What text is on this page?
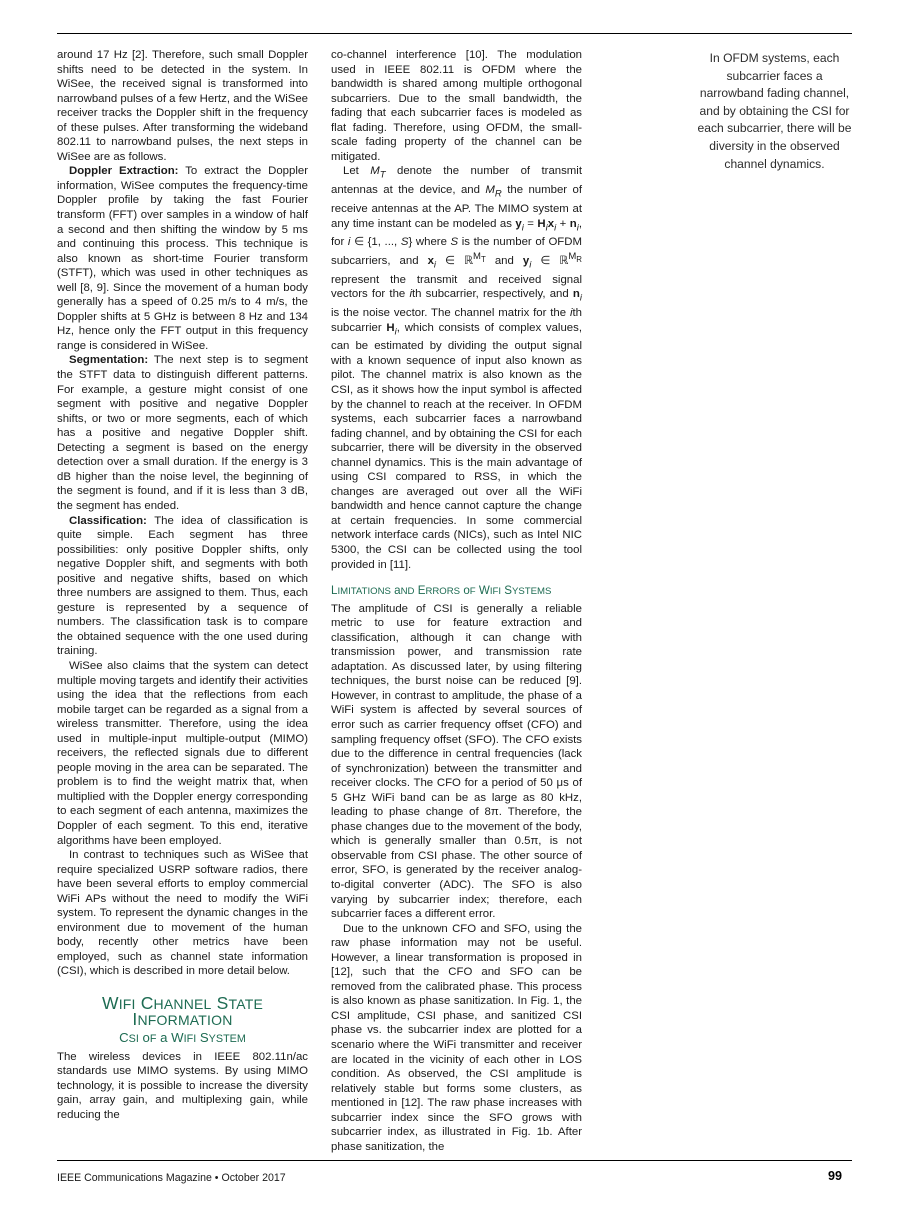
around 17 Hz [2]. Therefore, such small Doppler shifts need to be detected in the system. In WiSee, the received signal is transformed into narrowband pulses of a few Hertz, and the WiSee receiver tracks the Doppler shift in the frequency of these pulses. After transforming the wideband 802.11 to narrowband pulses, the next steps in WiSee are as follows.

Doppler Extraction: To extract the Doppler information, WiSee computes the frequency-time Doppler profile by taking the fast Fourier transform (FFT) over samples in a window of half a second and then shifting the window by 5 ms and continuing this process. This technique is also known as short-time Fourier transform (STFT), which was used in other techniques as well [8, 9]. Since the movement of a human body generally has a speed of 0.25 m/s to 4 m/s, the Doppler shifts at 5 GHz is between 8 Hz and 134 Hz, hence only the FFT output in this frequency range is considered in WiSee.

Segmentation: The next step is to segment the STFT data to distinguish different patterns. For example, a gesture might consist of one segment with positive and negative Doppler shifts, or two or more segments, each of which has a positive and negative Doppler shift. Detecting a segment is based on the energy detection over a small duration. If the energy is 3 dB higher than the noise level, the beginning of the segment is found, and if it is less than 3 dB, the segment has ended.

Classification: The idea of classification is quite simple. Each segment has three possibilities: only positive Doppler shifts, only negative Doppler shift, and segments with both positive and negative shifts, based on which three numbers are assigned to them. Thus, each gesture is represented by a sequence of numbers. The classification task is to compare the obtained sequence with the one used during training.

WiSee also claims that the system can detect multiple moving targets and identify their activities using the idea that the reflections from each mobile target can be regarded as a signal from a wireless transmitter. Therefore, using the idea used in multiple-input multiple-output (MIMO) receivers, the reflected signals due to different people moving in the area can be separated. The problem is to find the weight matrix that, when multiplied with the Doppler energy corresponding to each segment of each antenna, maximizes the Doppler of each segment. To this end, iterative algorithms have been employed.

In contrast to techniques such as WiSee that require specialized USRP software radios, there have been several efforts to employ commercial WiFi APs without the need to modify the WiFi system. To represent the dynamic changes in the environment due to movement of the human body, recently other metrics have been employed, such as channel state information (CSI), which is described in more detail below.

WIFI CHANNEL STATE INFORMATION
CSI oF a WIFI SYSTEM

The wireless devices in IEEE 802.11n/ac standards use MIMO systems. By using MIMO technology, it is possible to increase the diversity gain, array gain, and multiplexing gain, while reducing the

co-channel interference [10]. The modulation used in IEEE 802.11 is OFDM where the bandwidth is shared among multiple orthogonal subcarriers. Due to the small bandwidth, the fading that each subcarrier faces is modeled as flat fading. Therefore, using OFDM, the small-scale fading property of the channel can be mitigated.

Let $M_T$ denote the number of transmit antennas at the device, and $M_R$ the number of receive antennas at the AP. The MIMO system at any time instant can be modeled as $y_i = H_ix_i + n_i$, for i ∈ {1, ..., S} where S is the number of OFDM subcarriers, and $x_i$ ∈ ℝ$^{M_T}$ and $y_i$ ∈ ℝ$^{M_R}$ represent the transmit and received signal vectors for the ith subcarrier, respectively, and $n_i$ is the noise vector. The channel matrix for the ith subcarrier $H_i$, which consists of complex values, can be estimated by dividing the output signal with a known sequence of input also known as pilot. The channel matrix is also known as the CSI, as it shows how the input symbol is affected by the channel to reach at the receiver. In OFDM systems, each subcarrier faces a narrowband fading channel, and by obtaining the CSI for each subcarrier, there will be diversity in the observed channel dynamics. This is the main advantage of using CSI compared to RSS, in which the changes are averaged out over all the WiFi bandwidth and hence cannot capture the change at certain frequencies. In some commercial network interface cards (NICs), such as Intel NIC 5300, the CSI can be collected using the tool provided in [11].

LIMITATIONS aND ERRORS oF WIFI SYSTEMS

The amplitude of CSI is generally a reliable metric to use for feature extraction and classification, although it can change with transmission power, and transmission rate adaptation. As discussed later, by using filtering techniques, the burst noise can be reduced [9]. However, in contrast to amplitude, the phase of a WiFi system is affected by several sources of error such as carrier frequency offset (CFO) and sampling frequency offset (SFO). The CFO exists due to the difference in central frequencies (lack of synchronization) between the transmitter and receiver clocks. The CFO for a period of 50 μs of 5 GHz WiFi band can be as large as 80 kHz, leading to phase change of 8π. Therefore, the phase changes due to the movement of the body, which is generally smaller than 0.5π, is not observable from CSI phase. The other source of error, SFO, is generated by the receiver analog-to-digital converter (ADC). The SFO is also varying by subcarrier index; therefore, each subcarrier faces a different error.

Due to the unknown CFO and SFO, using the raw phase information may not be useful. However, a linear transformation is proposed in [12], such that the CFO and SFO can be removed from the calibrated phase. This process is also known as phase sanitization. In Fig. 1, the CSI amplitude, CSI phase, and sanitized CSI phase vs. the subcarrier index are plotted for a scenario where the WiFi transmitter and receiver are located in the vicinity of each other in LOS condition. As observed, the CSI amplitude is relatively stable but forms some clusters, as mentioned in [12]. The raw phase increases with subcarrier index since the SFO grows with subcarrier index, as illustrated in Fig. 1b. After phase sanitization, the

In OFDM systems, each subcarrier faces a narrowband fading channel, and by obtaining the CSI for each subcarrier, there will be diversity in the observed channel dynamics.
IEEE Communications Magazine • October 2017	99
